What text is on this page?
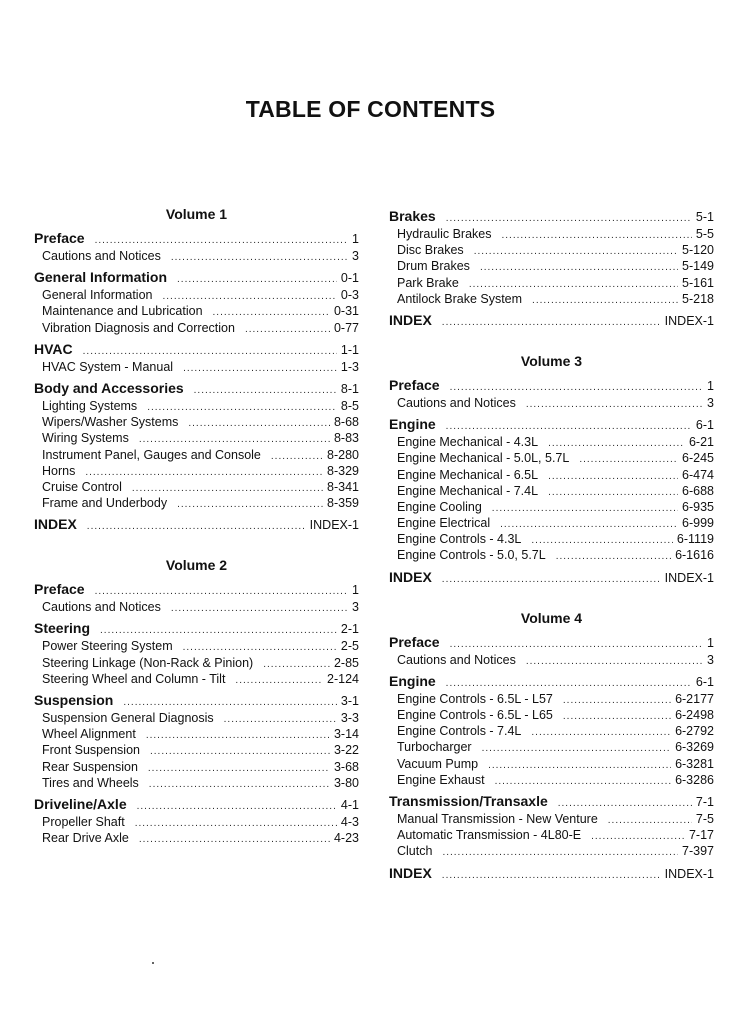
TABLE OF CONTENTS
Volume 1
Preface .....	1
Cautions and Notices .....	3
General Information .....	0-1
General Information .....	0-3
Maintenance and Lubrication .....	0-31
Vibration Diagnosis and Correction .....	0-77
HVAC .....	1-1
HVAC System - Manual .....	1-3
Body and Accessories .....	8-1
Lighting Systems .....	8-5
Wipers/Washer Systems .....	8-68
Wiring Systems .....	8-83
Instrument Panel, Gauges and Console .....	8-280
Horns .....	8-329
Cruise Control .....	8-341
Frame and Underbody .....	8-359
INDEX .....	INDEX-1
Volume 2
Preface .....	1
Cautions and Notices .....	3
Steering .....	2-1
Power Steering System .....	2-5
Steering Linkage (Non-Rack & Pinion) .....	2-85
Steering Wheel and Column - Tilt .....	2-124
Suspension .....	3-1
Suspension General Diagnosis .....	3-3
Wheel Alignment .....	3-14
Front Suspension .....	3-22
Rear Suspension .....	3-68
Tires and Wheels .....	3-80
Driveline/Axle .....	4-1
Propeller Shaft .....	4-3
Rear Drive Axle .....	4-23
Brakes .....	5-1
Hydraulic Brakes .....	5-5
Disc Brakes .....	5-120
Drum Brakes .....	5-149
Park Brake .....	5-161
Antilock Brake System .....	5-218
INDEX .....	INDEX-1
Volume 3
Preface .....	1
Cautions and Notices .....	3
Engine .....	6-1
Engine Mechanical - 4.3L .....	6-21
Engine Mechanical - 5.0L, 5.7L .....	6-245
Engine Mechanical - 6.5L .....	6-474
Engine Mechanical - 7.4L .....	6-688
Engine Cooling .....	6-935
Engine Electrical .....	6-999
Engine Controls - 4.3L .....	6-1119
Engine Controls - 5.0, 5.7L .....	6-1616
INDEX .....	INDEX-1
Volume 4
Preface .....	1
Cautions and Notices .....	3
Engine .....	6-1
Engine Controls - 6.5L - L57 .....	6-2177
Engine Controls - 6.5L - L65 .....	6-2498
Engine Controls - 7.4L .....	6-2792
Turbocharger .....	6-3269
Vacuum Pump .....	6-3281
Engine Exhaust .....	6-3286
Transmission/Transaxle .....	7-1
Manual Transmission - New Venture .....	7-5
Automatic Transmission - 4L80-E .....	7-17
Clutch .....	7-397
INDEX .....	INDEX-1
